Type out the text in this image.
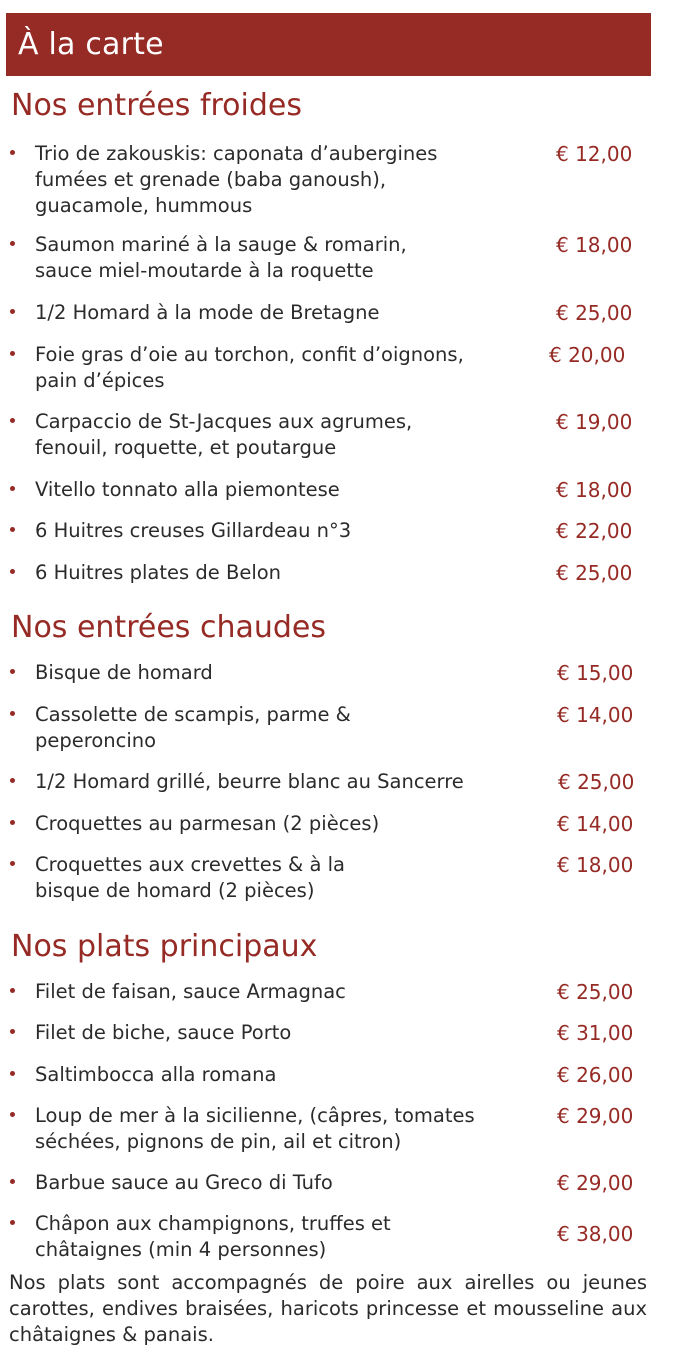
À la carte
Nos entrées froides
Trio de zakouskis: caponata d’aubergines
fumées et grenade (baba ganoush),
guacamole, hummous
€ 12,00
Saumon mariné à la sauge & romarin,
sauce miel-moutarde à la roquette
€ 18,00
1/2 Homard à la mode de Bretagne	€ 25,00
Foie gras d’oie au torchon, confit d’oignons,
pain d’épices
€ 20,00
Carpaccio de St-Jacques aux agrumes,
fenouil, roquette, et poutargue
€ 19,00
Vitello tonnato alla piemontese	€ 18,00
6 Huitres creuses Gillardeau n°3	€ 22,00
6 Huitres plates de Belon	€ 25,00
Nos entrées chaudes
Bisque de homard	€ 15,00
Cassolette de scampis, parme &
peperoncino
€ 14,00
1/2 Homard grillé, beurre blanc au Sancerre	€ 25,00
Croquettes au parmesan (2 pièces)	€ 14,00
Croquettes aux crevettes & à la
bisque de homard (2 pièces)
€ 18,00
Nos plats principaux
Filet de faisan, sauce Armagnac	€ 25,00
Filet de biche, sauce Porto	€ 31,00
Saltimbocca alla romana	€ 26,00
Loup de mer à la sicilienne, (câpres, tomates
séchées, pignons de pin, ail et citron)
€ 29,00
Barbue sauce au Greco di Tufo	€ 29,00
Châpon aux champignons, truffes et
châtaignes (min 4 personnes)
€ 38,00

Nos plats sont accompagnés de poire aux airelles ou jeunes carottes, endives braisées, haricots princesse et mousseline aux châtaignes & panais.
